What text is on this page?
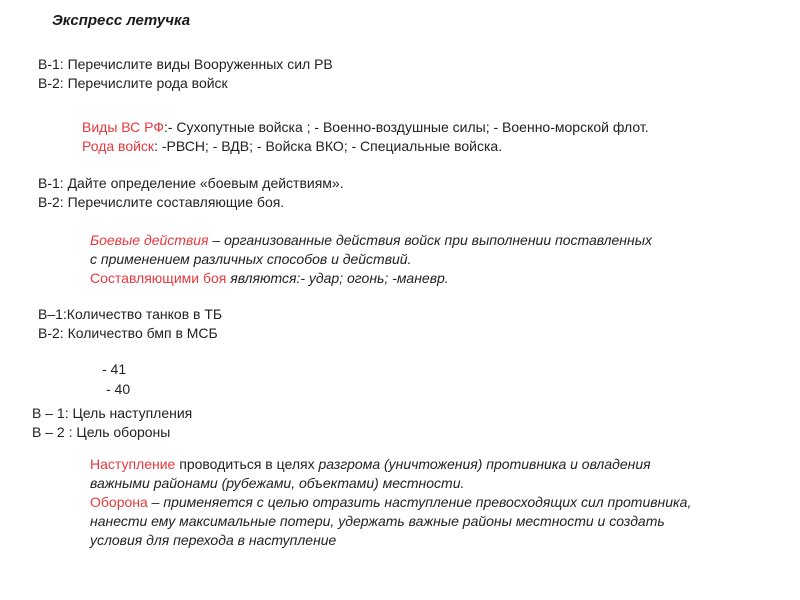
Экспресс летучка
В-1: Перечислите виды Вооруженных сил РВ
В-2: Перечислите рода войск
Виды ВС РФ:- Сухопутные войска ; - Военно-воздушные силы; - Военно-морской флот.
Рода войск: -РВСН; - ВДВ; - Войска ВКО; - Специальные войска.
В-1: Дайте определение «боевым действиям».
В-2: Перечислите составляющие боя.
Боевые действия – организованные действия войск при выполнении поставленных
с применением различных способов и действий.
Составляющими боя являются:- удар; огонь; -маневр.
В–1:Количество танков в ТБ
В-2: Количество бмп в МСБ
- 41
- 40
В – 1: Цель наступления
В – 2 : Цель обороны
Наступление проводиться в целях разгрома (уничтожения) противника и овладения
важными районами (рубежами, объектами) местности.
Оборона – применяется с целью отразить наступление превосходящих сил противника,
нанести ему максимальные потери, удержать важные районы местности и создать
условия для перехода в наступление
